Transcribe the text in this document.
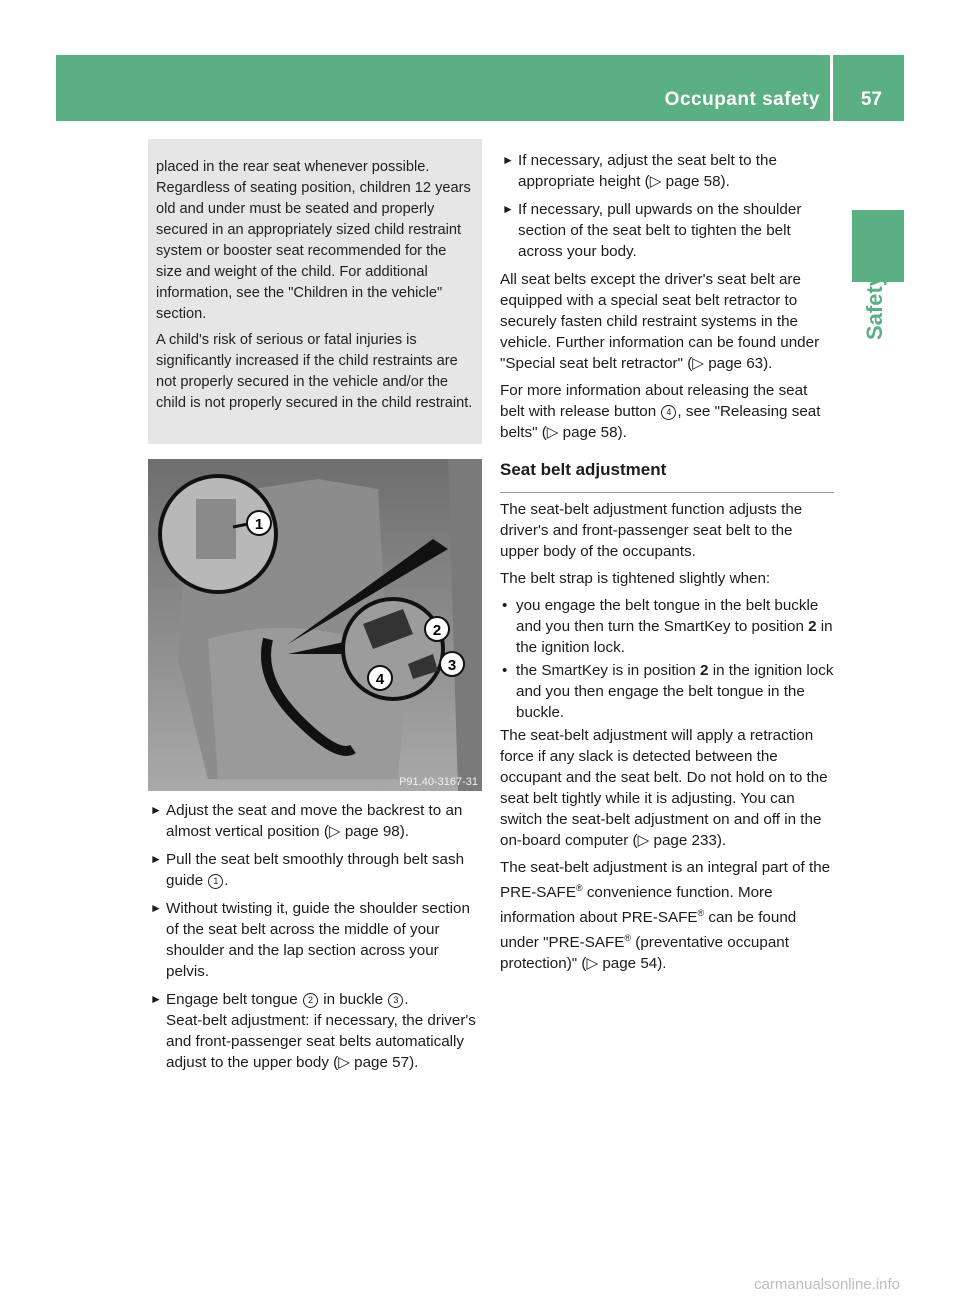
Occupant safety 57
Safety

placed in the rear seat whenever possible. Regardless of seating position, children 12 years old and under must be seated and properly secured in an appropriately sized child restraint system or booster seat recommended for the size and weight of the child. For additional information, see the "Children in the vehicle" section.

A child's risk of serious or fatal injuries is significantly increased if the child restraints are not properly secured in the vehicle and/or the child is not properly secured in the child restraint.

1
2
3
4
P91.40-3167-31
► Adjust the seat and move the backrest to an almost vertical position (▷ page 98).
► Pull the seat belt smoothly through belt sash guide 1 .
► Without twisting it, guide the shoulder section of the seat belt across the middle of your shoulder and the lap section across your pelvis.
► Engage belt tongue 2 in buckle 3 .
Seat-belt adjustment: if necessary, the driver's and front-passenger seat belts automatically adjust to the upper body (▷ page 57).
► If necessary, adjust the seat belt to the appropriate height (▷ page 58).
► If necessary, pull upwards on the shoulder section of the seat belt to tighten the belt across your body.

All seat belts except the driver's seat belt are equipped with a special seat belt retractor to securely fasten child restraint systems in the vehicle. Further information can be found under "Special seat belt retractor" (▷ page 63).

For more information about releasing the seat belt with release button 4 , see "Releasing seat belts" (▷ page 58).

Seat belt adjustment

The seat-belt adjustment function adjusts the driver's and front-passenger seat belt to the upper body of the occupants.

The belt strap is tightened slightly when:

• you engage the belt tongue in the belt buckle and you then turn the SmartKey to position 2 in the ignition lock.
• the SmartKey is in position 2 in the ignition lock and you then engage the belt tongue in the buckle.

The seat-belt adjustment will apply a retraction force if any slack is detected between the occupant and the seat belt. Do not hold on to the seat belt tightly while it is adjusting. You can switch the seat-belt adjustment on and off in the on-board computer (▷ page 233).

The seat-belt adjustment is an integral part of the PRE-SAFE® convenience function. More information about PRE-SAFE® can be found under "PRE-SAFE® (preventative occupant protection)" (▷ page 54).

carmanualsonline.info
